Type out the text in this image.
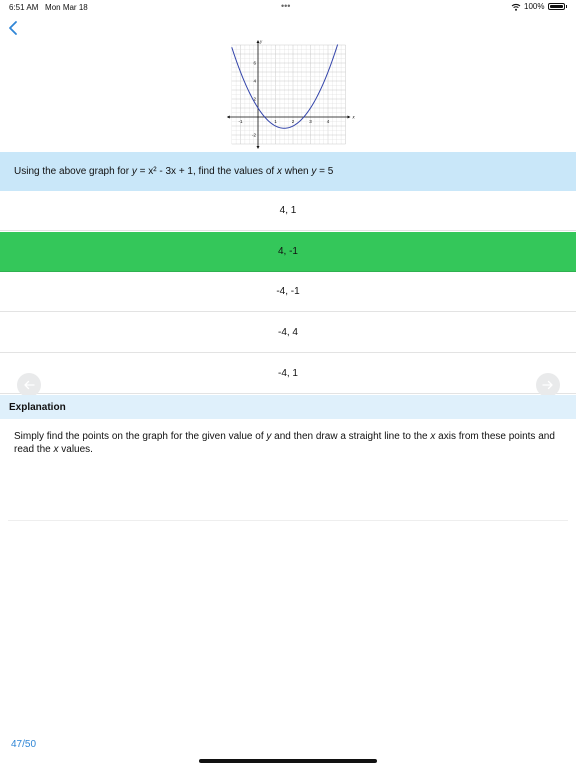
6:51 AM Mon Mar 18	•••	100%
-1	1	2	3	4
6
4
2
-2
x
y
Using the above graph for y = x² - 3x + 1, find the values of x when y = 5
4, 1
4, -1
-4, -1
-4, 4
-4, 1
Explanation
Simply find the points on the graph for the given value of y and then draw a straight line to the x axis from these points and read the x values.
47/50
